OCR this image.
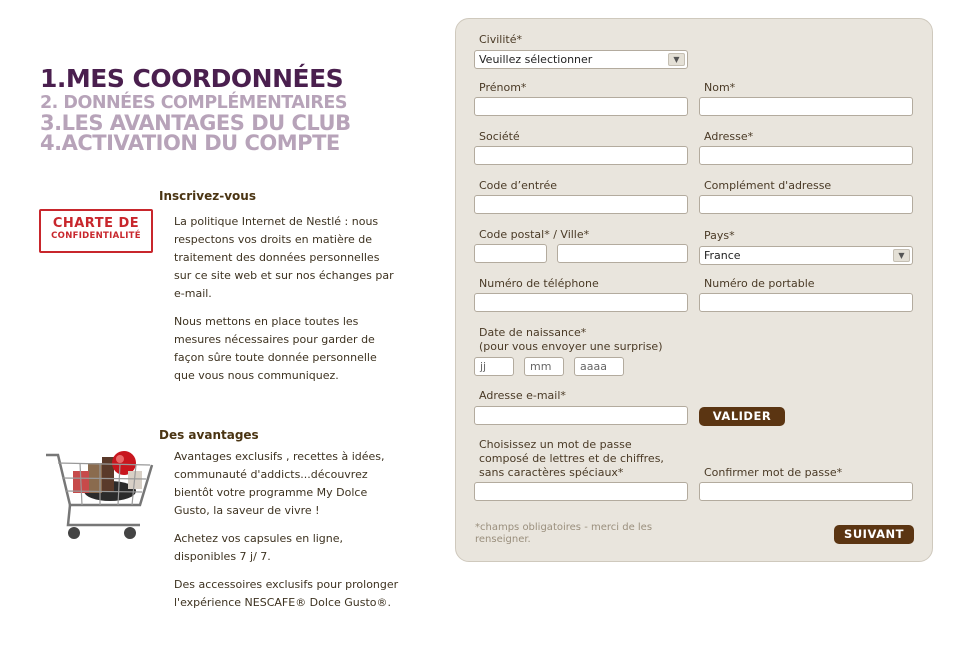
1.MES COORDONNÉES
2. DONNÉES COMPLÉMENTAIRES
3.LES AVANTAGES DU CLUB
4.ACTIVATION DU COMPTE
Inscrivez-vous
CHARTE DE
CONFIDENTIALITÉ

La politique Internet de Nestlé : nous respectons vos droits en matière de traitement des données personnelles sur ce site web et sur nos échanges par e-mail.

Nous mettons en place toutes les mesures nécessaires pour garder de façon sûre toute donnée personnelle que vous nous communiquez.

Des avantages

Avantages exclusifs , recettes à idées, communauté d'addicts...découvrez bientôt votre programme My Dolce Gusto, la saveur de vivre !

Achetez vos capsules en ligne, disponibles 7 j/ 7.

Des accessoires exclusifs pour prolonger l'expérience NESCAFE® Dolce Gusto®.

Civilité*
Veuillez sélectionner	▼
Prénom*	Nom*
Société	Adresse*
Code d’entrée	Complément d'adresse
Code postal* / Ville*	Pays*
France	▼
Numéro de téléphone	Numéro de portable
Date de naissance*
(pour vous envoyer une surprise)
jj	mm	aaaa
Adresse e-mail*
VALIDER
Choisissez un mot de passe
composé de lettres et de chiffres,
sans caractères spéciaux*	Confirmer mot de passe*
*champs obligatoires - merci de les renseigner.	SUIVANT
